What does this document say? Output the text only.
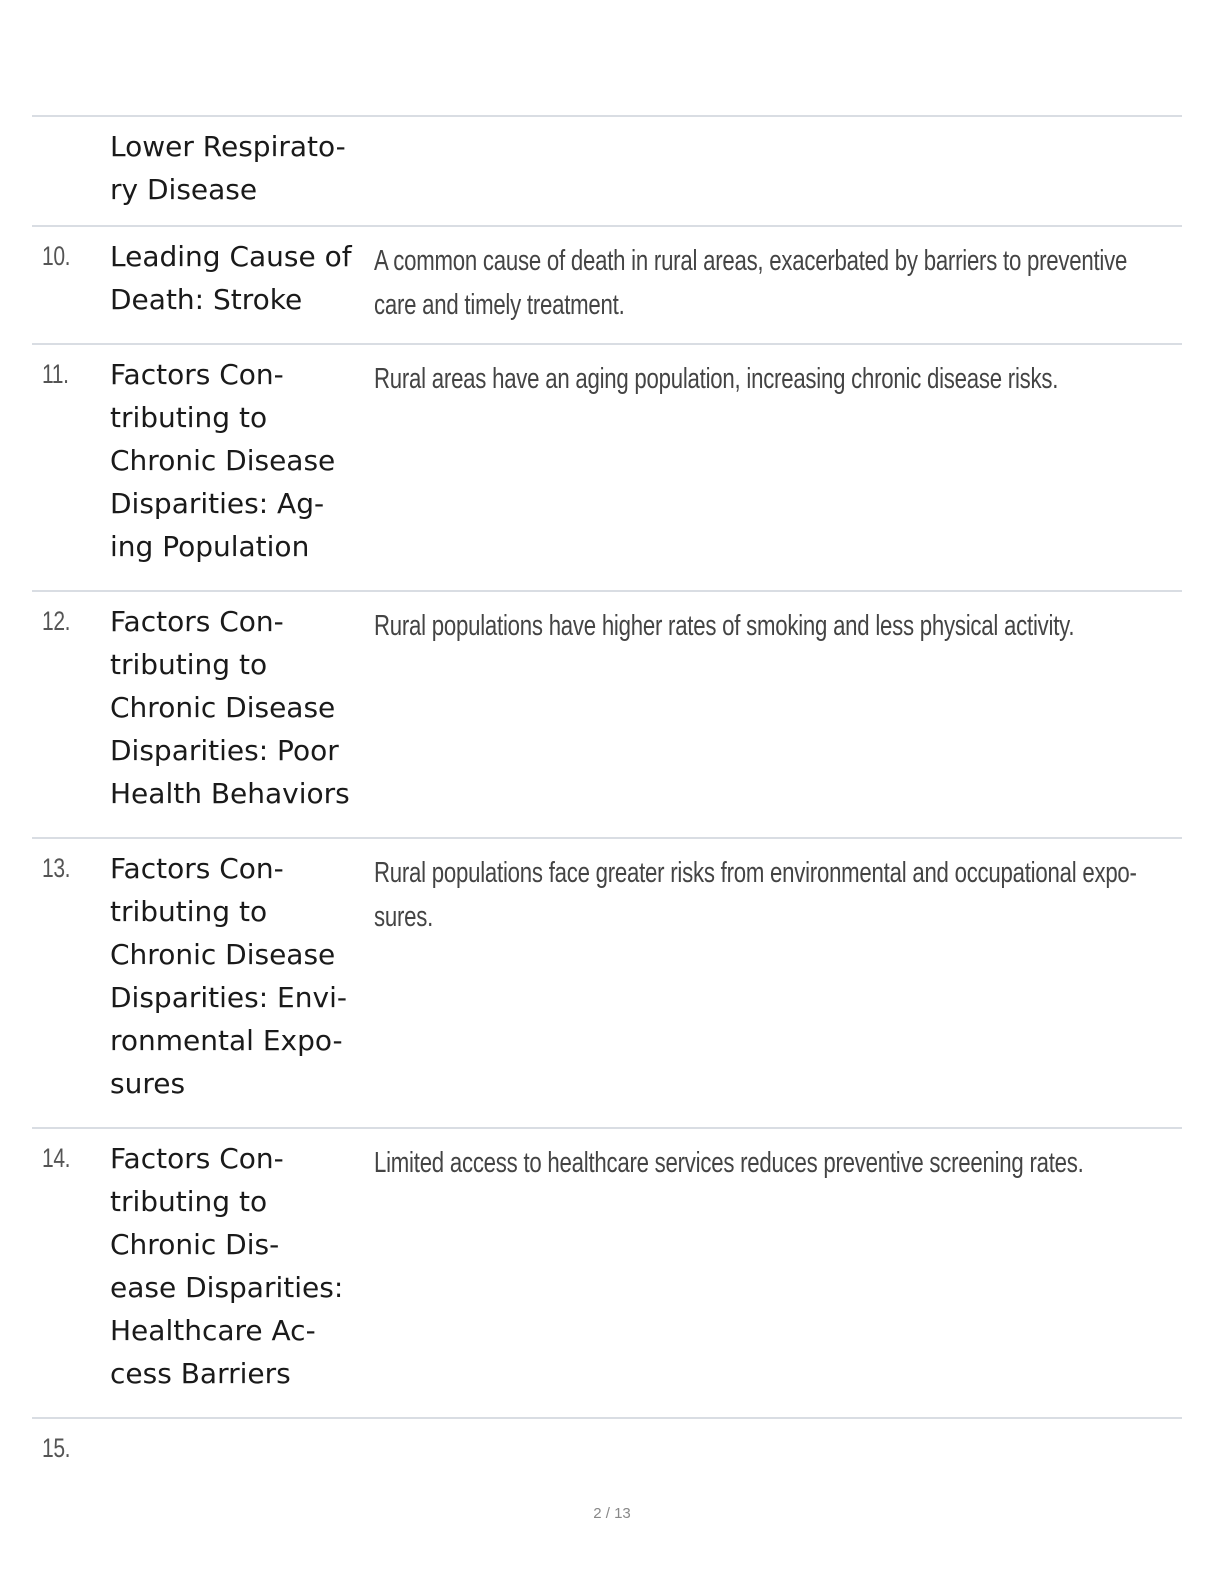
Lower Respirato-
ry Disease
10. Leading Cause of
Death: Stroke
A common cause of death in rural areas, exacerbated by barriers to preventive
care and timely treatment.
11. Factors Con-
tributing to
Chronic Disease
Disparities: Ag-
ing Population
Rural areas have an aging population, increasing chronic disease risks.
12. Factors Con-
tributing to
Chronic Disease
Disparities: Poor
Health Behaviors
Rural populations have higher rates of smoking and less physical activity.
13. Factors Con-
tributing to
Chronic Disease
Disparities: Envi-
ronmental Expo-
sures
Rural populations face greater risks from environmental and occupational expo-
sures.
14. Factors Con-
tributing to
Chronic Dis-
ease Disparities:
Healthcare Ac-
cess Barriers
Limited access to healthcare services reduces preventive screening rates.
15.
2 / 13
